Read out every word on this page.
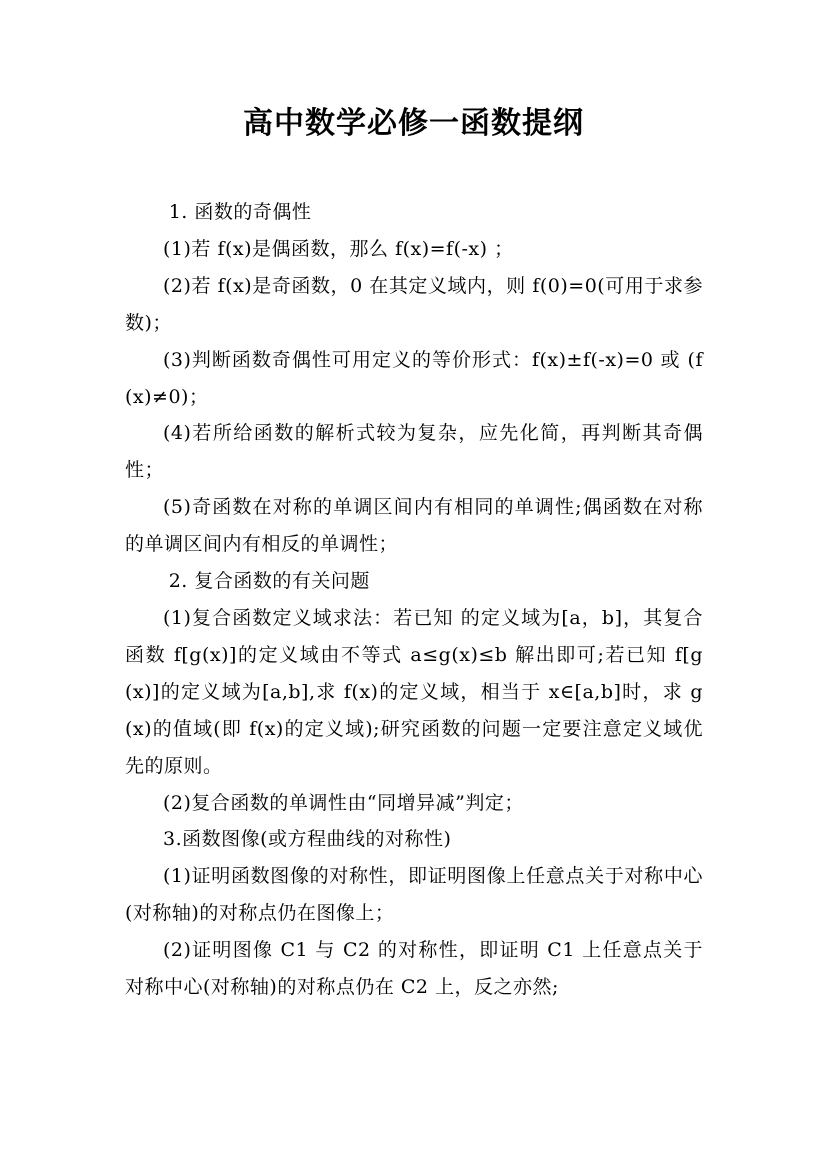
高中数学必修一函数提纲

1. 函数的奇偶性

(1)若 f(x)是偶函数，那么 f(x)=f(-x) ；

(2)若 f(x)是奇函数，0 在其定义域内，则 f(0)=0(可用于求参数)；

(3)判断函数奇偶性可用定义的等价形式：f(x)±f(-x)=0 或 (f(x)≠0)；

(4)若所给函数的解析式较为复杂，应先化简，再判断其奇偶性；

(5)奇函数在对称的单调区间内有相同的单调性;偶函数在对称的单调区间内有相反的单调性；

2. 复合函数的有关问题

(1)复合函数定义域求法：若已知 的定义域为[a，b]，其复合函数 f[g(x)]的定义域由不等式 a≤g(x)≤b 解出即可;若已知 f[g(x)]的定义域为[a,b],求 f(x)的定义域，相当于 x∈[a,b]时，求 g(x)的值域(即 f(x)的定义域);研究函数的问题一定要注意定义域优先的原则。

(2)复合函数的单调性由“同增异减”判定；

3.函数图像(或方程曲线的对称性)

(1)证明函数图像的对称性，即证明图像上任意点关于对称中心(对称轴)的对称点仍在图像上；

(2)证明图像 C1 与 C2 的对称性，即证明 C1 上任意点关于对称中心(对称轴)的对称点仍在 C2 上，反之亦然;
